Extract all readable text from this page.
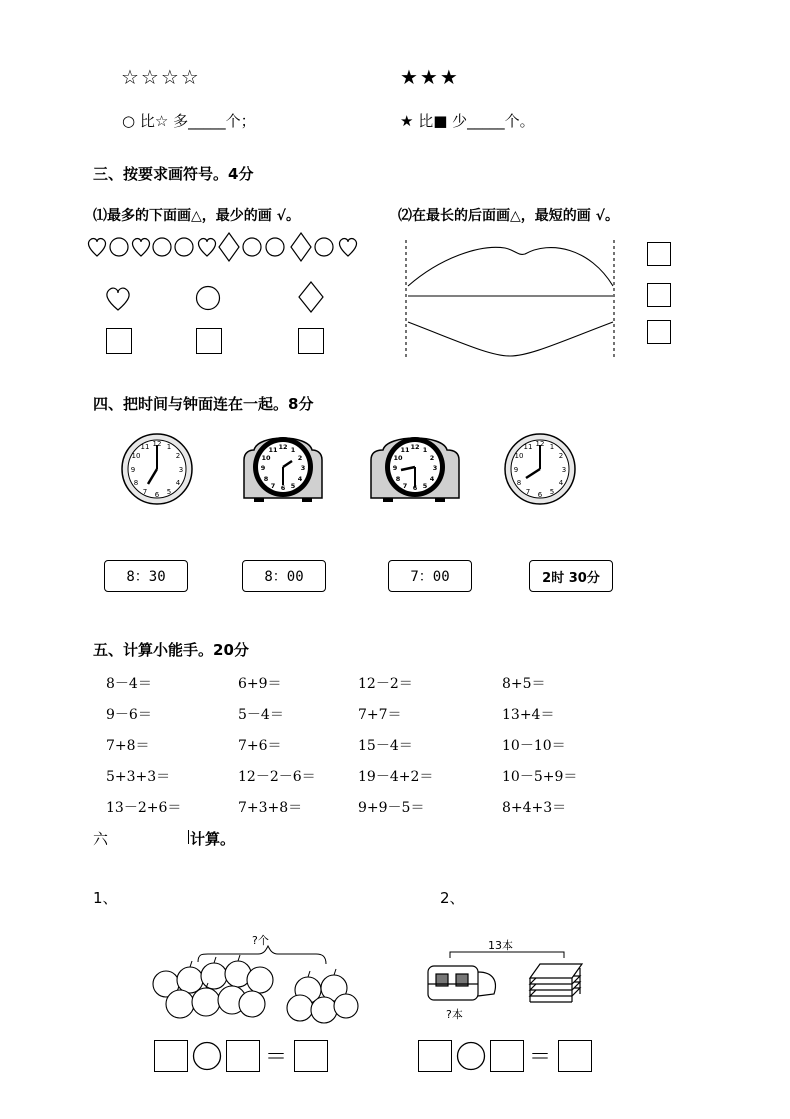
☆☆☆☆	★★★
○ 比☆ 多_____个；	★ 比■ 少_____个。
三、按要求画符号。4分
⑴最多的下面画△，最少的画 √。	⑵在最长的后面画△，最短的画 √。
四、把时间与钟面连在一起。8分
12 1
2
3
4
5
6
7
8
9
10
11	12
3
6
9
1
2
4
5
7
8
10
11	12
3
6
9
1
2
4
5
7
8
10
11
12 1
2
3
4
5
6
7
8
9
10
11
8：30	8：00	7：00	2时 30分
五、计算小能手。20分
8－4＝	6+9＝	12－2＝	8+5＝
9－6＝	5－4＝	7+7＝	13+4＝
7+8＝	7+6＝	15－4＝	10－10＝
5+3+3＝	12－2－6＝	19－4+2＝	10－5+9＝
13－2+6＝	7+3+8＝	9+9－5＝	8+4+3＝
六	计算。
1、	2、
?个	13本
?本
＝	＝
